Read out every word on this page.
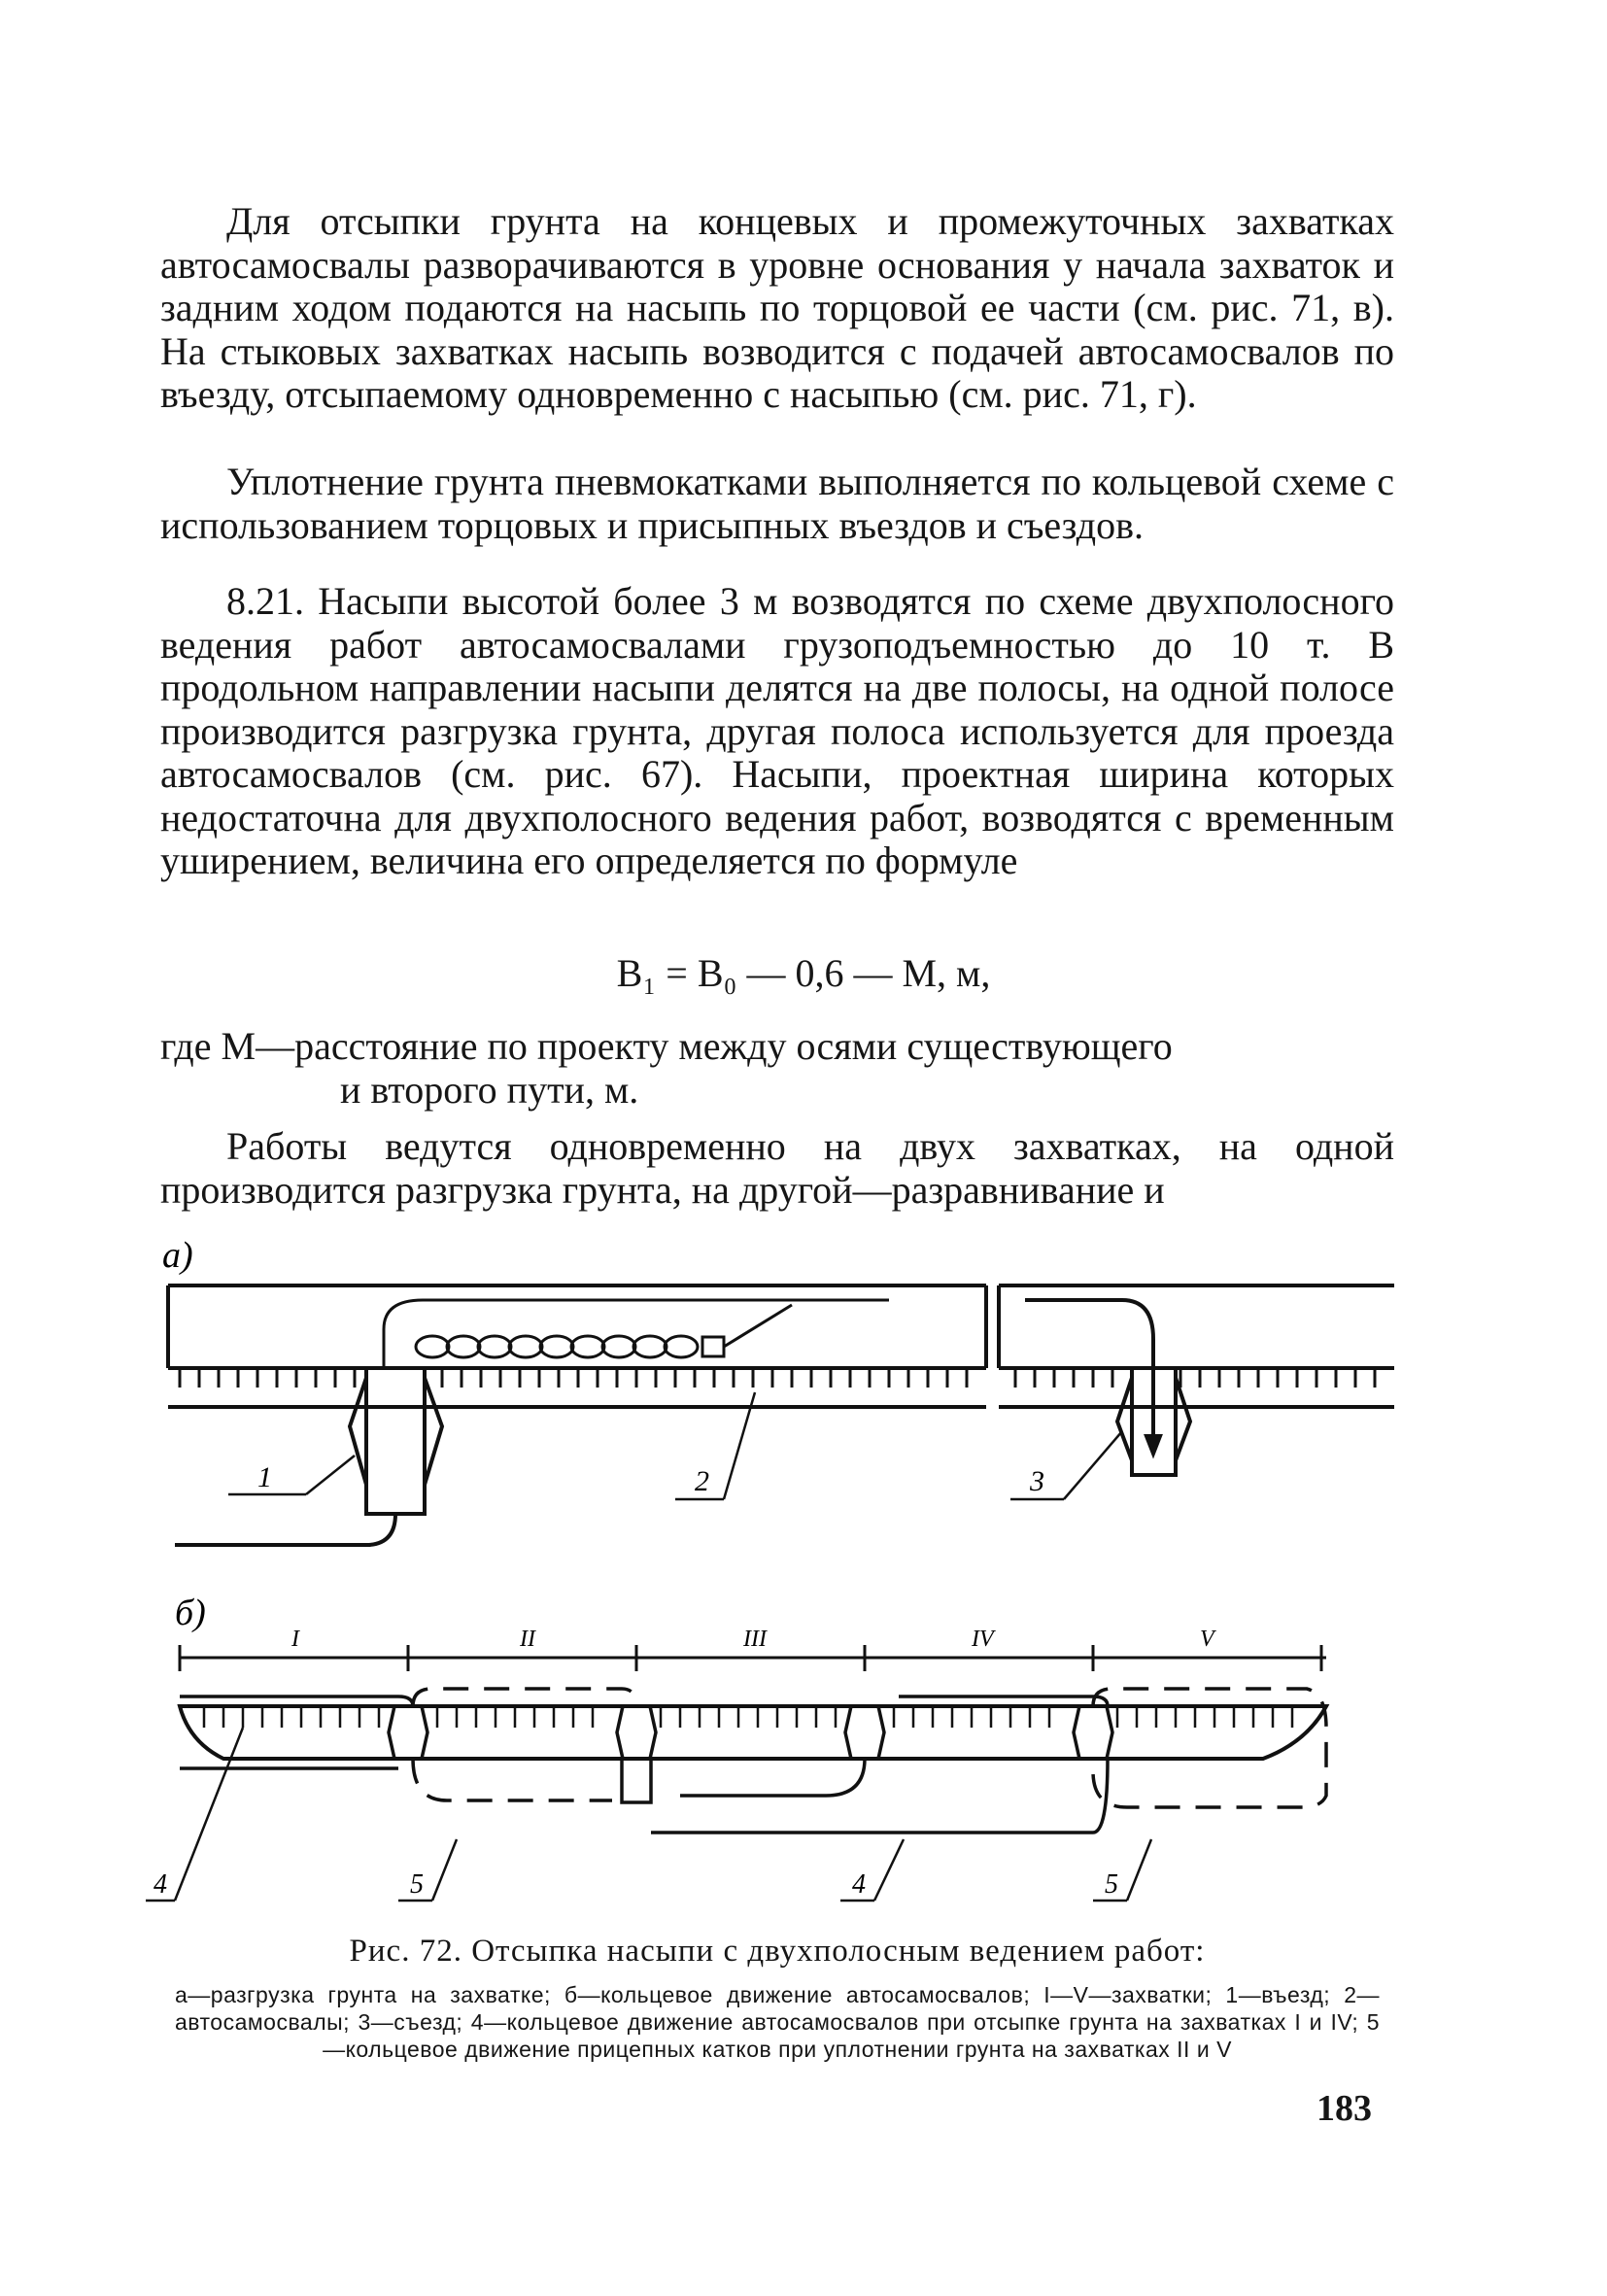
Для отсыпки грунта на концевых и промежуточных захватках автосамосвалы разворачиваются в уровне основания у начала захваток и задним ходом подаются на насыпь по торцовой ее части (см. рис. 71, в). На стыковых захватках насыпь возводится с подачей автосамосвалов по въезду, отсыпаемому одновременно с насыпью (см. рис. 71, г).

Уплотнение грунта пневмокатками выполняется по кольцевой схеме с использованием торцовых и присыпных въездов и съездов.

8.21. Насыпи высотой более 3 м возводятся по схеме двухполосного ведения работ автосамосвалами грузоподъемностью до 10 т. В продольном направлении насыпи делятся на две полосы, на одной полосе производится разгрузка грунта, другая полоса используется для проезда автосамосвалов (см. рис. 67). Насыпи, проектная ширина которых недостаточна для двухполосного ведения работ, возводятся с временным уширением, величина его определяется по формуле

B₁ = B₀ — 0,6 — M, м,
где М—расстояние по проекту между осями существующего
и второго пути, м.

Работы ведутся одновременно на двух захватках, на одной производится разгрузка грунта, на другой—разравнивание и

а)
1	2	3
б)
I	II	III	IV	V
4	5	4	5
Рис. 72. Отсыпка насыпи с двухполосным ведением работ:
а—разгрузка грунта на захватке; б—кольцевое движение автосамосвалов; I—V—захватки; 1—въезд; 2—автосамосвалы; 3—съезд; 4—кольцевое движение автосамосвалов при отсыпке грунта на захватках I и IV; 5—кольцевое движение прицепных катков при уплотнении грунта на захватках II и V
183
